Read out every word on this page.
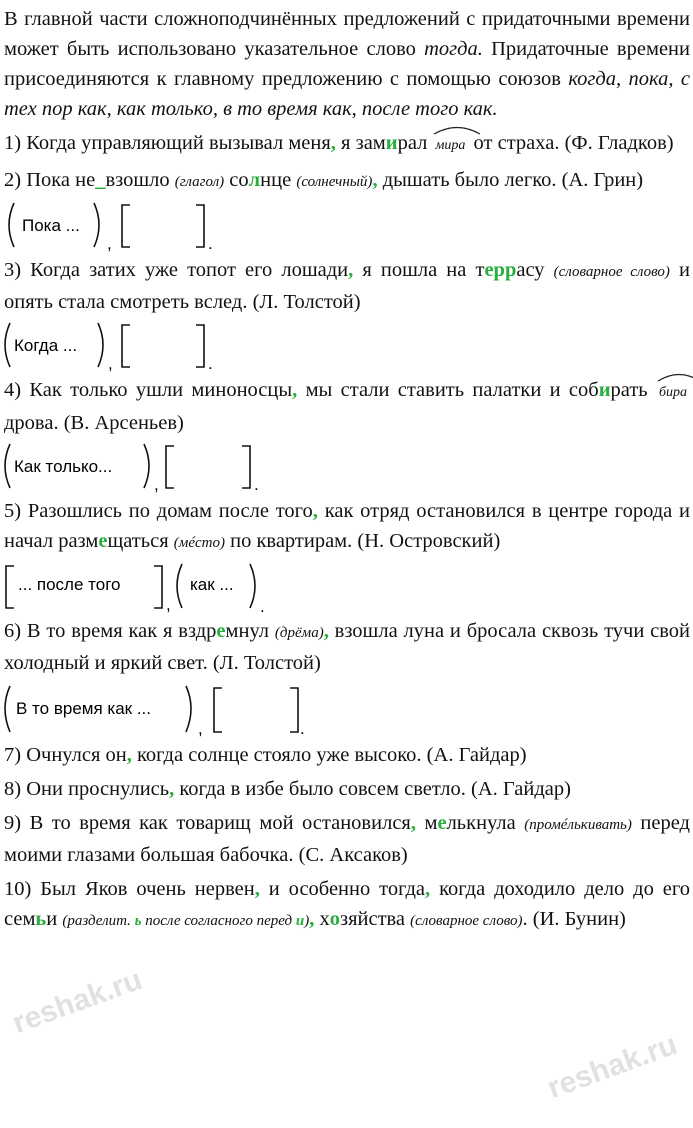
В главной части сложноподчинённых предложений с придаточными времени может быть использовано указательное слово тогда. Придаточные времени присоединяются к главному предложению с помощью союзов когда, пока, с тех пор как, как только, в то время как, после того как.

1) Когда управляющий вызывал меня, я замирал
мира от страха. (Ф. Гладков)

2) Пока не_взошло (глагол) солнце (солнечный), дышать было легко. (А. Грин)

Пока ...
,	.

3) Когда затих уже топот его лошади, я пошла на террасу (словарное слово) и опять стала смотреть вслед. (Л. Толстой)

Когда ...
,	.

4) Как только ушли миноносцы, мы стали ставить палатки и собирать
бира дрова. (В. Арсеньев)

Как только...
,	.

5) Разошлись по домам после того, как отряд остановился в центре города и начал размещаться (мéсто) по квартирам. (Н. Островский)

... после того
,
как ...
.

6) В то время как я вздремнул (дрёма), взошла луна и бросала сквозь тучи свой холодный и яркий свет. (Л. Толстой)

В то время как ...
,	.

7) Очнулся он, когда солнце стояло уже высоко. (А. Гайдар)

8) Они проснулись, когда в избе было совсем светло. (А. Гайдар)

9) В то время как товарищ мой остановился, мелькнула (промéлькивать) перед моими глазами большая бабочка. (С. Аксаков)

10) Был Яков очень нервен, и особенно тогда, когда доходило дело до его семьи (разделит. ь после согласного перед и), хозяйства (словарное слово). (И. Бунин)

reshak.ru
reshak.ru
